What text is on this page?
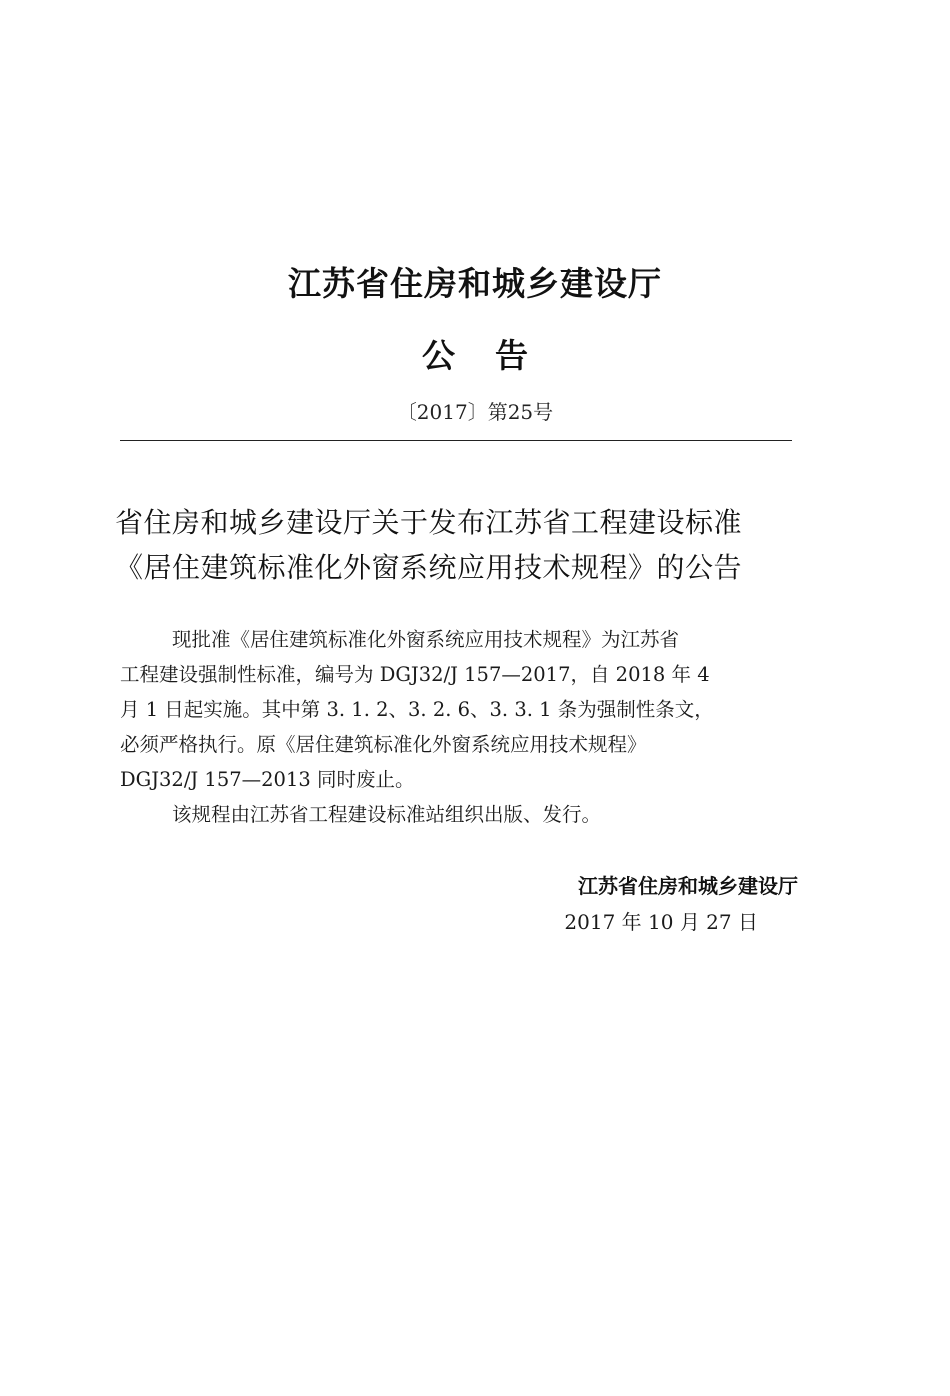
江苏省住房和城乡建设厅
公告
〔2017〕第25号
省住房和城乡建设厅关于发布江苏省工程建设标准
《居住建筑标准化外窗系统应用技术规程》的公告
现批准《居住建筑标准化外窗系统应用技术规程》为江苏省
工程建设强制性标准，编号为 DGJ32/J 157—2017，自 2018 年 4
月 1 日起实施。其中第 3. 1. 2、3. 2. 6、3. 3. 1 条为强制性条文，
必须严格执行。原《居住建筑标准化外窗系统应用技术规程》
DGJ32/J 157—2013 同时废止。
该规程由江苏省工程建设标准站组织出版、发行。
江苏省住房和城乡建设厅
2017 年 10 月 27 日
